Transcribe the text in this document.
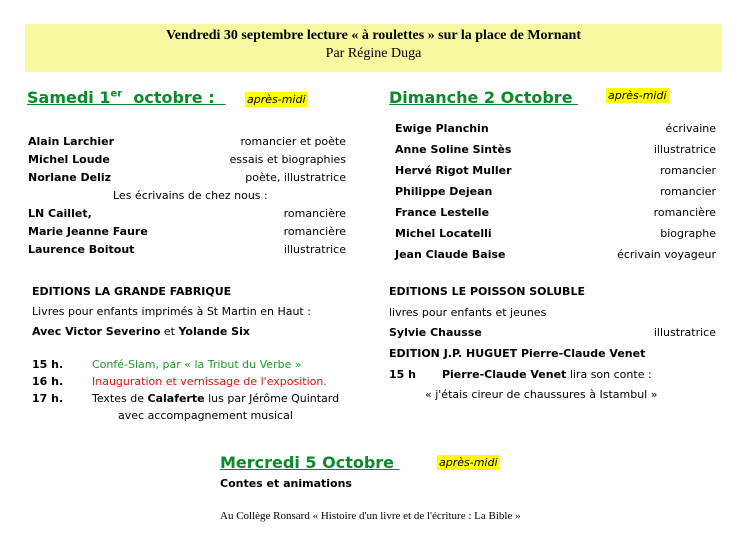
Vendredi 30 septembre lecture « à roulettes » sur la place de Mornant
Par Régine Duga
Samedi 1er  octobre : après-midi
Alain Larchier	romancier et poète
Michel Loude	essais et biographies
Norlane Deliz	poète, illustratrice
Les écrivains de chez nous :
LN Caillet,	romancière
Marie Jeanne Faure	romancière
Laurence Boitout	illustratrice
EDITIONS LA GRANDE FABRIQUE
Livres pour enfants imprimés à St Martin en Haut :
Avec Victor Severino et Yolande Six
15 h.	Confé-Slam, par « la Tribut du Verbe »
16 h.	Inauguration et vernissage de l'exposition.
17 h.	Textes de Calaferte lus par Jérôme Quintard
avec accompagnement musical
Dimanche 2 Octobre	après-midi
Ewige Planchin	écrivaine
Anne Soline Sintès	illustratrice
Hervé Rigot Muller	romancier
Philippe Dejean	romancier
France Lestelle	romancière
Michel Locatelli	biographe
Jean Claude Baise	écrivain voyageur
EDITIONS LE POISSON SOLUBLE
livres pour enfants et jeunes
Sylvie Chausse	illustratrice
EDITION J.P. HUGUET Pierre-Claude Venet
15 h Pierre-Claude Venet lira son conte :
« j'étais cireur de chaussures à Istambul »
Mercredi 5 Octobre	après-midi
Contes et animations
Au Collège Ronsard « Histoire d'un livre et de l'écriture : La Bible »
